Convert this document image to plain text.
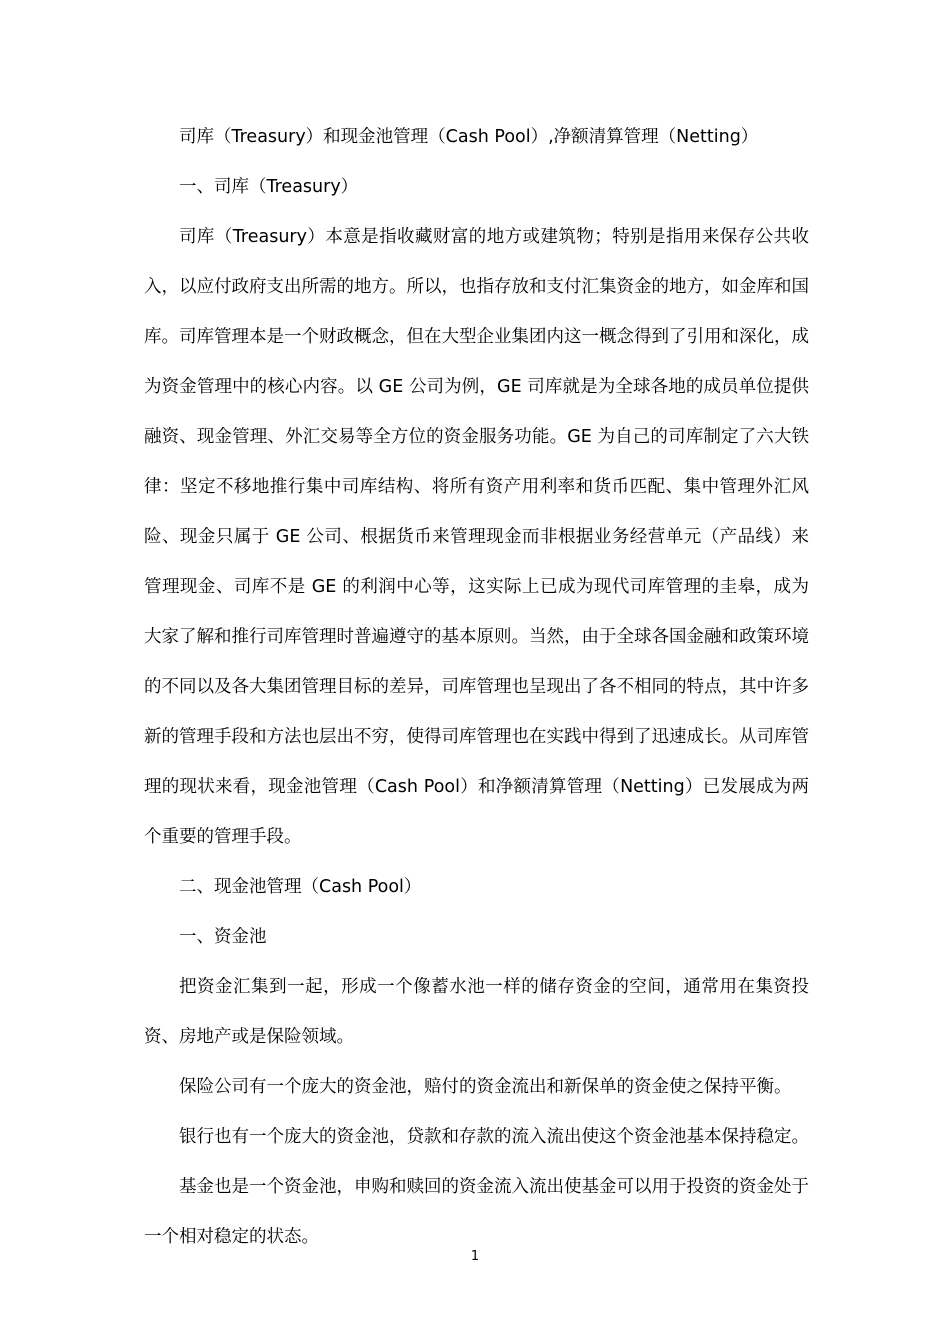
司库（Treasury）和现金池管理（Cash Pool）,净额清算管理（Netting）

一、司库（Treasury）

司库（Treasury）本意是指收藏财富的地方或建筑物；特别是指用来保存公共收入，以应付政府支出所需的地方。所以，也指存放和支付汇集资金的地方，如金库和国库。司库管理本是一个财政概念，但在大型企业集团内这一概念得到了引用和深化，成为资金管理中的核心内容。以 GE 公司为例，GE 司库就是为全球各地的成员单位提供融资、现金管理、外汇交易等全方位的资金服务功能。GE 为自己的司库制定了六大铁律：坚定不移地推行集中司库结构、将所有资产用利率和货币匹配、集中管理外汇风险、现金只属于 GE 公司、根据货币来管理现金而非根据业务经营单元（产品线）来管理现金、司库不是 GE 的利润中心等，这实际上已成为现代司库管理的圭皋，成为大家了解和推行司库管理时普遍遵守的基本原则。当然，由于全球各国金融和政策环境的不同以及各大集团管理目标的差异，司库管理也呈现出了各不相同的特点，其中许多新的管理手段和方法也层出不穷，使得司库管理也在实践中得到了迅速成长。从司库管理的现状来看，现金池管理（Cash Pool）和净额清算管理（Netting）已发展成为两个重要的管理手段。

二、现金池管理（Cash Pool）

一、资金池

把资金汇集到一起，形成一个像蓄水池一样的储存资金的空间，通常用在集资投资、房地产或是保险领域。

保险公司有一个庞大的资金池，赔付的资金流出和新保单的资金使之保持平衡。

银行也有一个庞大的资金池，贷款和存款的流入流出使这个资金池基本保持稳定。

基金也是一个资金池，申购和赎回的资金流入流出使基金可以用于投资的资金处于一个相对稳定的状态。

1
